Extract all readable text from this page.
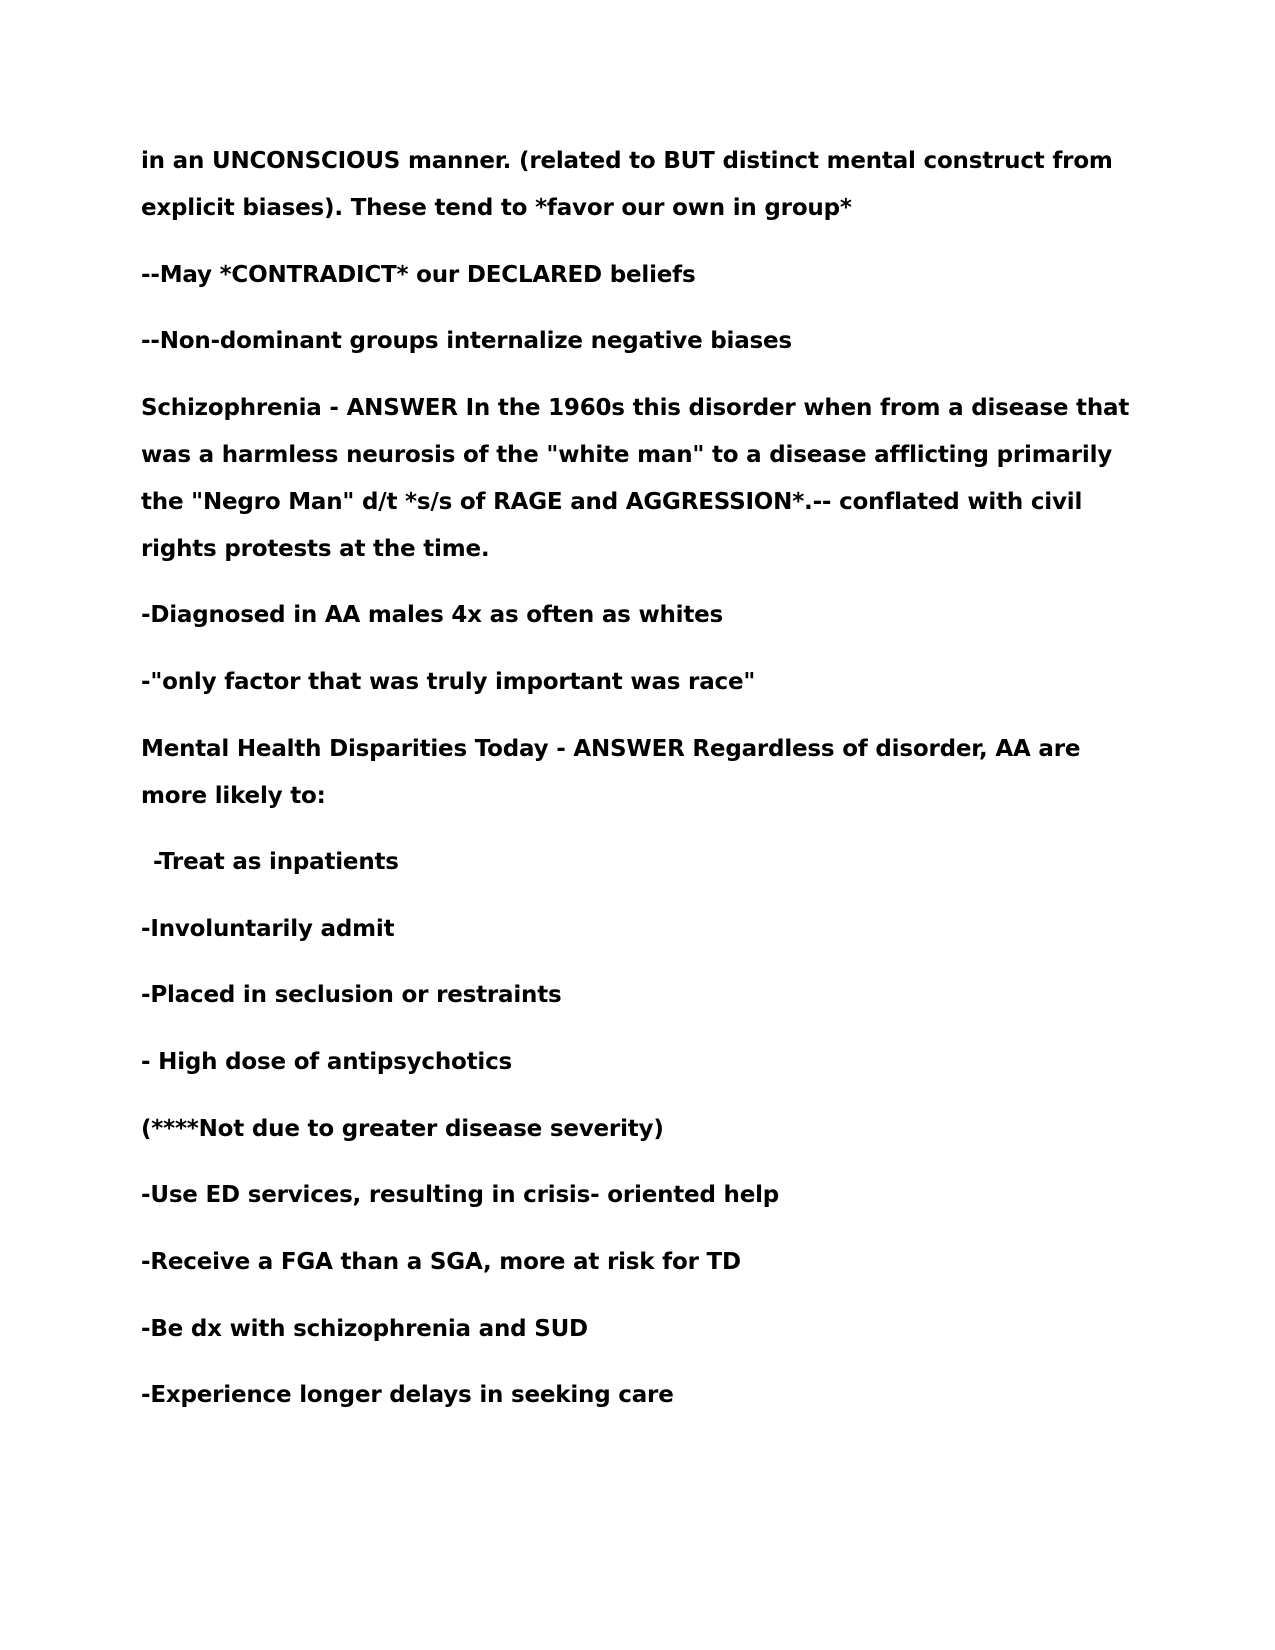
in an UNCONSCIOUS manner. (related to BUT distinct mental construct from
explicit biases). These tend to *favor our own in group*
--May *CONTRADICT* our DECLARED beliefs
--Non-dominant groups internalize negative biases
Schizophrenia - ANSWER In the 1960s this disorder when from a disease that
was a harmless neurosis of the "white man" to a disease afflicting primarily
the "Negro Man" d/t *s/s of RAGE and AGGRESSION*.-- conflated with civil
rights protests at the time.
-Diagnosed in AA males 4x as often as whites
-"only factor that was truly important was race"
Mental Health Disparities Today - ANSWER Regardless of disorder, AA are
more likely to:
-Treat as inpatients
-Involuntarily admit
-Placed in seclusion or restraints
- High dose of antipsychotics
(****Not due to greater disease severity)
-Use ED services, resulting in crisis- oriented help
-Receive a FGA than a SGA, more at risk for TD
-Be dx with schizophrenia and SUD
-Experience longer delays in seeking care
